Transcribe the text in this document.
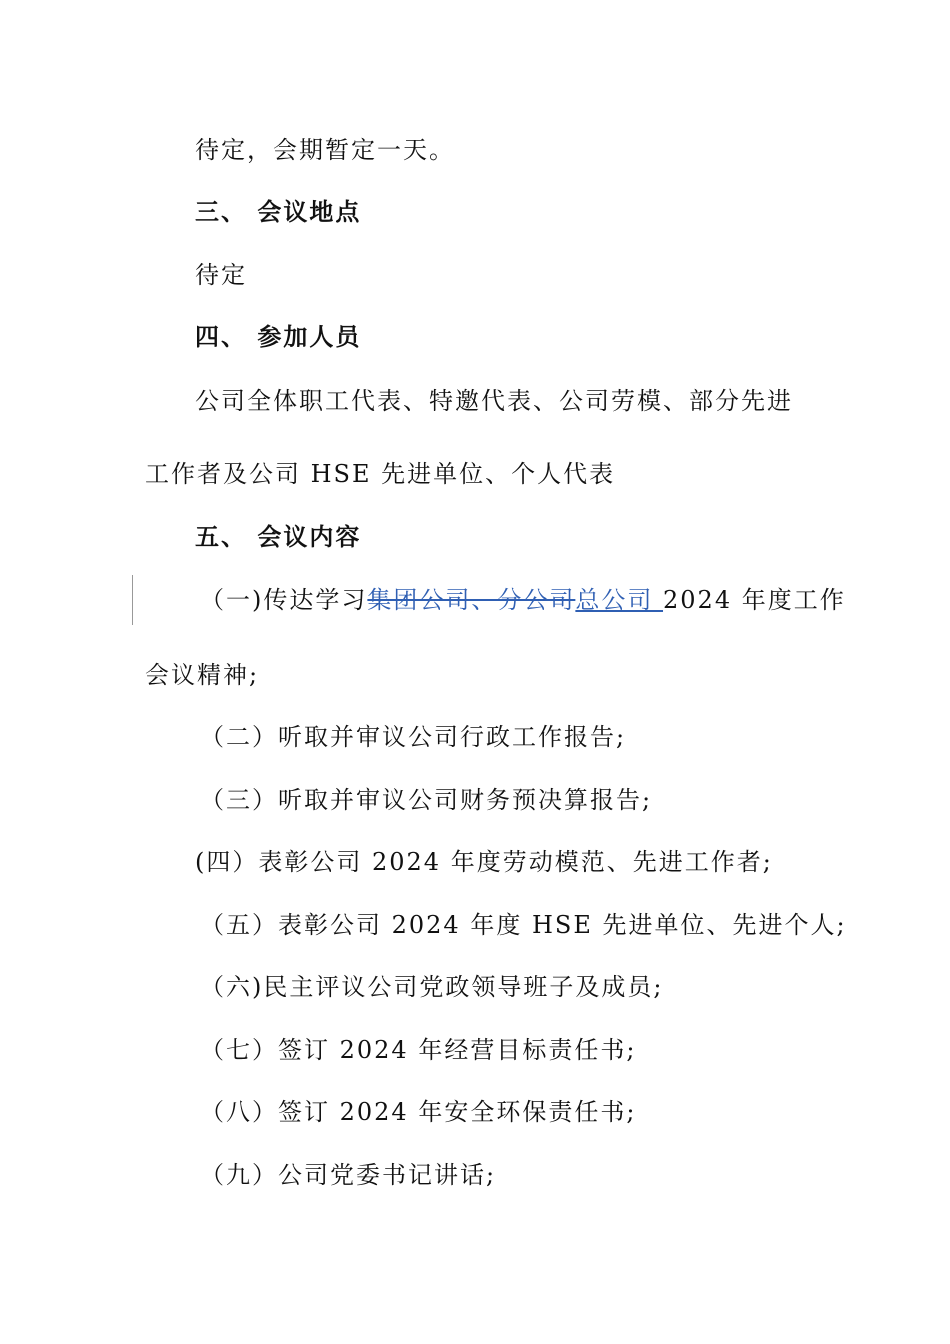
待定，会期暂定一天。
三、 会议地点
待定
四、 参加人员
公司全体职工代表、特邀代表、公司劳模、部分先进
工作者及公司 HSE 先进单位、个人代表
五、 会议内容
（一)传达学习集团公司、分公司总公司 2024 年度工作
会议精神;
（二）听取并审议公司行政工作报告;
（三）听取并审议公司财务预决算报告;
(四）表彰公司 2024 年度劳动模范、先进工作者;
（五）表彰公司 2024 年度 HSE 先进单位、先进个人;
（六)民主评议公司党政领导班子及成员;
（七）签订 2024 年经营目标责任书;
（八）签订 2024 年安全环保责任书;
（九）公司党委书记讲话;
